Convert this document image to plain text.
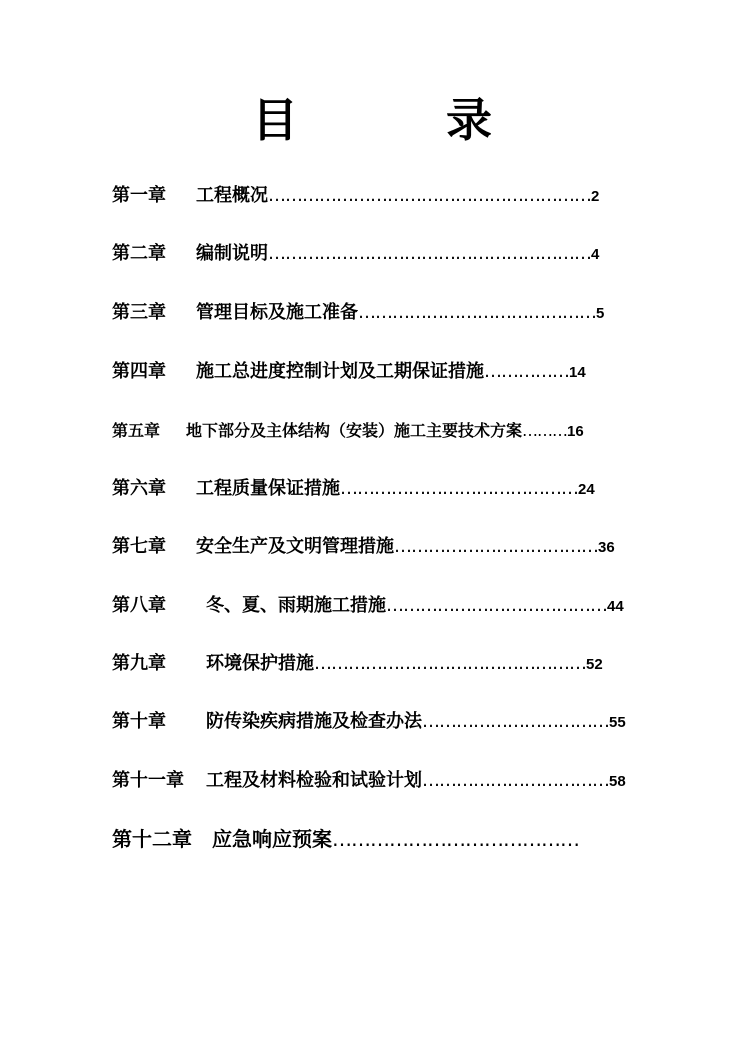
目 录
第一章 工程概况…………………………………………………2
第二章 编制说明…………………………………………………4
第三章 管理目标及施工准备……………………………………5
第四章 施工总进度控制计划及工期保证措施……………14
第五章 地下部分及主体结构（安装）施工主要技术方案………16
第六章 工程质量保证措施……………………………………24
第七章 安全生产及文明管理措施………………………………36
第八章 冬、夏、雨期施工措施…………………………………44
第九章 环境保护措施…………………………………………52
第十章 防传染疾病措施及检查办法……………………………55
第十一章 工程及材料检验和试验计划……………………………58
第十二章 应急响应预案…………………………………
